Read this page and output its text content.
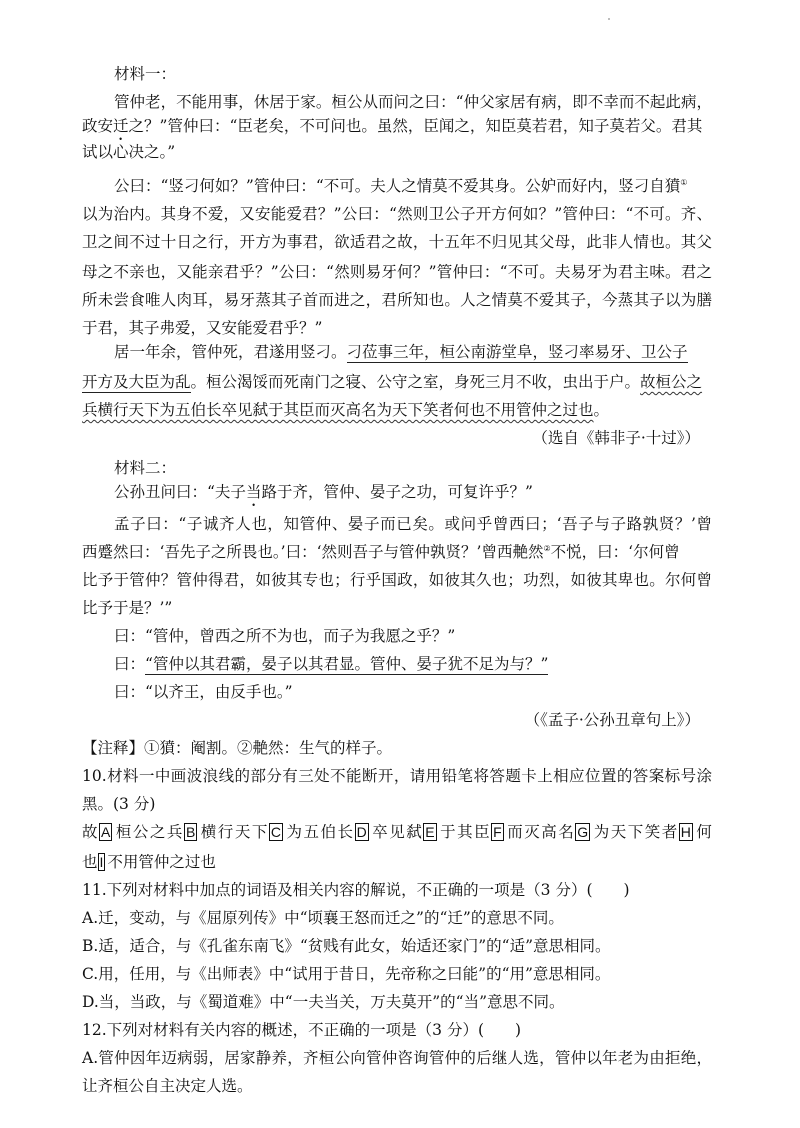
材料一：
管仲老，不能用事，休居于家。桓公从而问之曰：“仲父家居有病，即不幸而不起此病，
政安迁之？”管仲曰：“臣老矣，不可问也。虽然，臣闻之，知臣莫若君，知子莫若父。君其
试以心决之。”
公曰：“竖刁何如？”管仲曰：“不可。夫人之情莫不爱其身。公妒而好内，竖刁自獖①
以为治内。其身不爱，又安能爱君？”公曰：“然则卫公子开方何如？”管仲曰：“不可。齐、
卫之间不过十日之行，开方为事君，欲适君之故，十五年不归见其父母，此非人情也。其父
母之不亲也，又能亲君乎？”公曰：“然则易牙何？”管仲曰：“不可。夫易牙为君主味。君之
所未尝食唯人肉耳，易牙蒸其子首而进之，君所知也。人之情莫不爱其子，今蒸其子以为膳
于君，其子弗爱，又安能爱君乎？”
居一年余，管仲死，君遂用竖刁。刁莅事三年，桓公南游堂阜，竖刁率易牙、卫公子
开方及大臣为乱。桓公渴馁而死南门之寝、公守之室，身死三月不收，虫出于户。故桓公之
兵横行天下为五伯长卒见弑于其臣而灭高名为天下笑者何也不用管仲之过也。
（选自《韩非子·十过》）
材料二：
公孙丑问曰：“夫子当路于齐，管仲、晏子之功，可复许乎？”
孟子曰：“子诚齐人也，知管仲、晏子而已矣。或问乎曾西曰；‘吾子与子路孰贤？’曾
西蹙然曰：‘吾先子之所畏也。’曰：‘然则吾子与管仲孰贤？’曾西艴然②不悦，曰：‘尔何曾
比予于管仲？管仲得君，如彼其专也；行乎国政，如彼其久也；功烈，如彼其卑也。尔何曾
比予于是？’”
曰：“管仲，曾西之所不为也，而子为我愿之乎？”
曰：“管仲以其君霸，晏子以其君显。管仲、晏子犹不足为与？”
曰：“以齐王，由反手也。”
（《孟子·公孙丑章句上》）
【注释】①獖：阉割。②艴然：生气的样子。
10.材料一中画波浪线的部分有三处不能断开，请用铅笔将答题卡上相应位置的答案标号涂
黑。(3 分)
故 A 桓公之兵 B 横行天下 C 为五伯长 D 卒见弑 E 于其臣 F 而灭高名 G 为天下笑者 H 何
也 I 不用管仲之过也
11.下列对材料中加点的词语及相关内容的解说，不正确的一项是（3 分）(　　)
A.迁，变动，与《屈原列传》中“顷襄王怒而迁之”的“迁”的意思不同。
B.适，适合，与《孔雀东南飞》“贫贱有此女，始适还家门”的“适”意思相同。
C.用，任用，与《出师表》中“试用于昔日，先帝称之曰能”的“用”意思相同。
D.当，当政，与《蜀道难》中“一夫当关，万夫莫开”的“当”意思不同。
12.下列对材料有关内容的概述，不正确的一项是（3 分）(　　)
A.管仲因年迈病弱，居家静养，齐桓公向管仲咨询管仲的后继人选，管仲以年老为由拒绝，
让齐桓公自主决定人选。
